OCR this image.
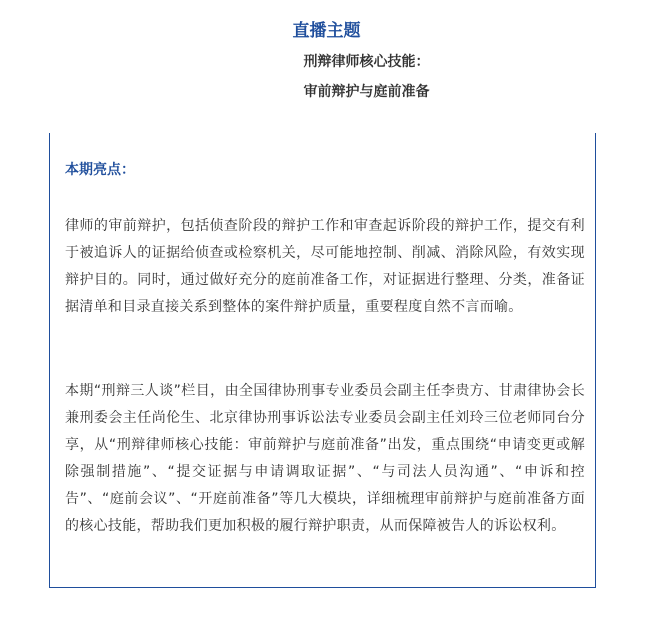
直播主题
刑辩律师核心技能：
审前辩护与庭前准备
本期亮点：
律师的审前辩护，包括侦查阶段的辩护工作和审查起诉阶段的辩护工作，提交有利于被追诉人的证据给侦查或检察机关，尽可能地控制、削减、消除风险，有效实现辩护目的。同时，通过做好充分的庭前准备工作，对证据进行整理、分类，准备证据清单和目录直接关系到整体的案件辩护质量，重要程度自然不言而喻。
本期“刑辩三人谈”栏目，由全国律协刑事专业委员会副主任李贵方、甘肃律协会长兼刑委会主任尚伦生、北京律协刑事诉讼法专业委员会副主任刘玲三位老师同台分享，从“刑辩律师核心技能：审前辩护与庭前准备”出发，重点围绕“申请变更或解除强制措施”、“提交证据与申请调取证据”、“与司法人员沟通”、“申诉和控告”、“庭前会议”、“开庭前准备”等几大模块，详细梳理审前辩护与庭前准备方面的核心技能，帮助我们更加积极的履行辩护职责，从而保障被告人的诉讼权利。
